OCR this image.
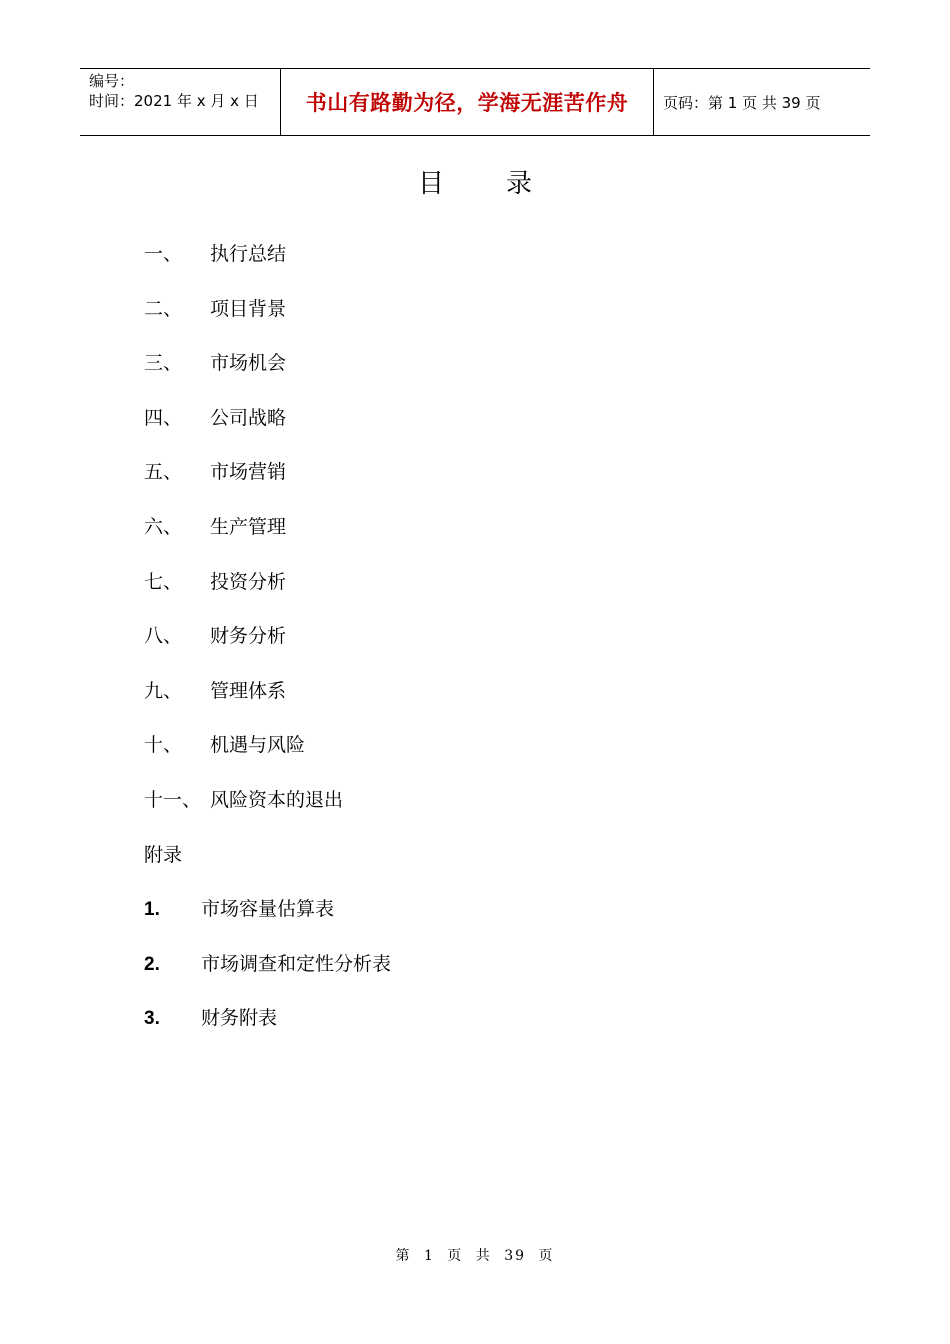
编号：
时间：2021 年 x 月 x 日	书山有路勤为径，学海无涯苦作舟 页码：第 1 页 共 39 页
目录
一、 执行总结
二、 项目背景
三、 市场机会
四、 公司战略
五、 市场营销
六、 生产管理
七、 投资分析
八、 财务分析
九、 管理体系
十、 机遇与风险
十一、 风险资本的退出
附录
1. 市场容量估算表
2. 市场调查和定性分析表
3. 财务附表
第 1 页 共 39 页
